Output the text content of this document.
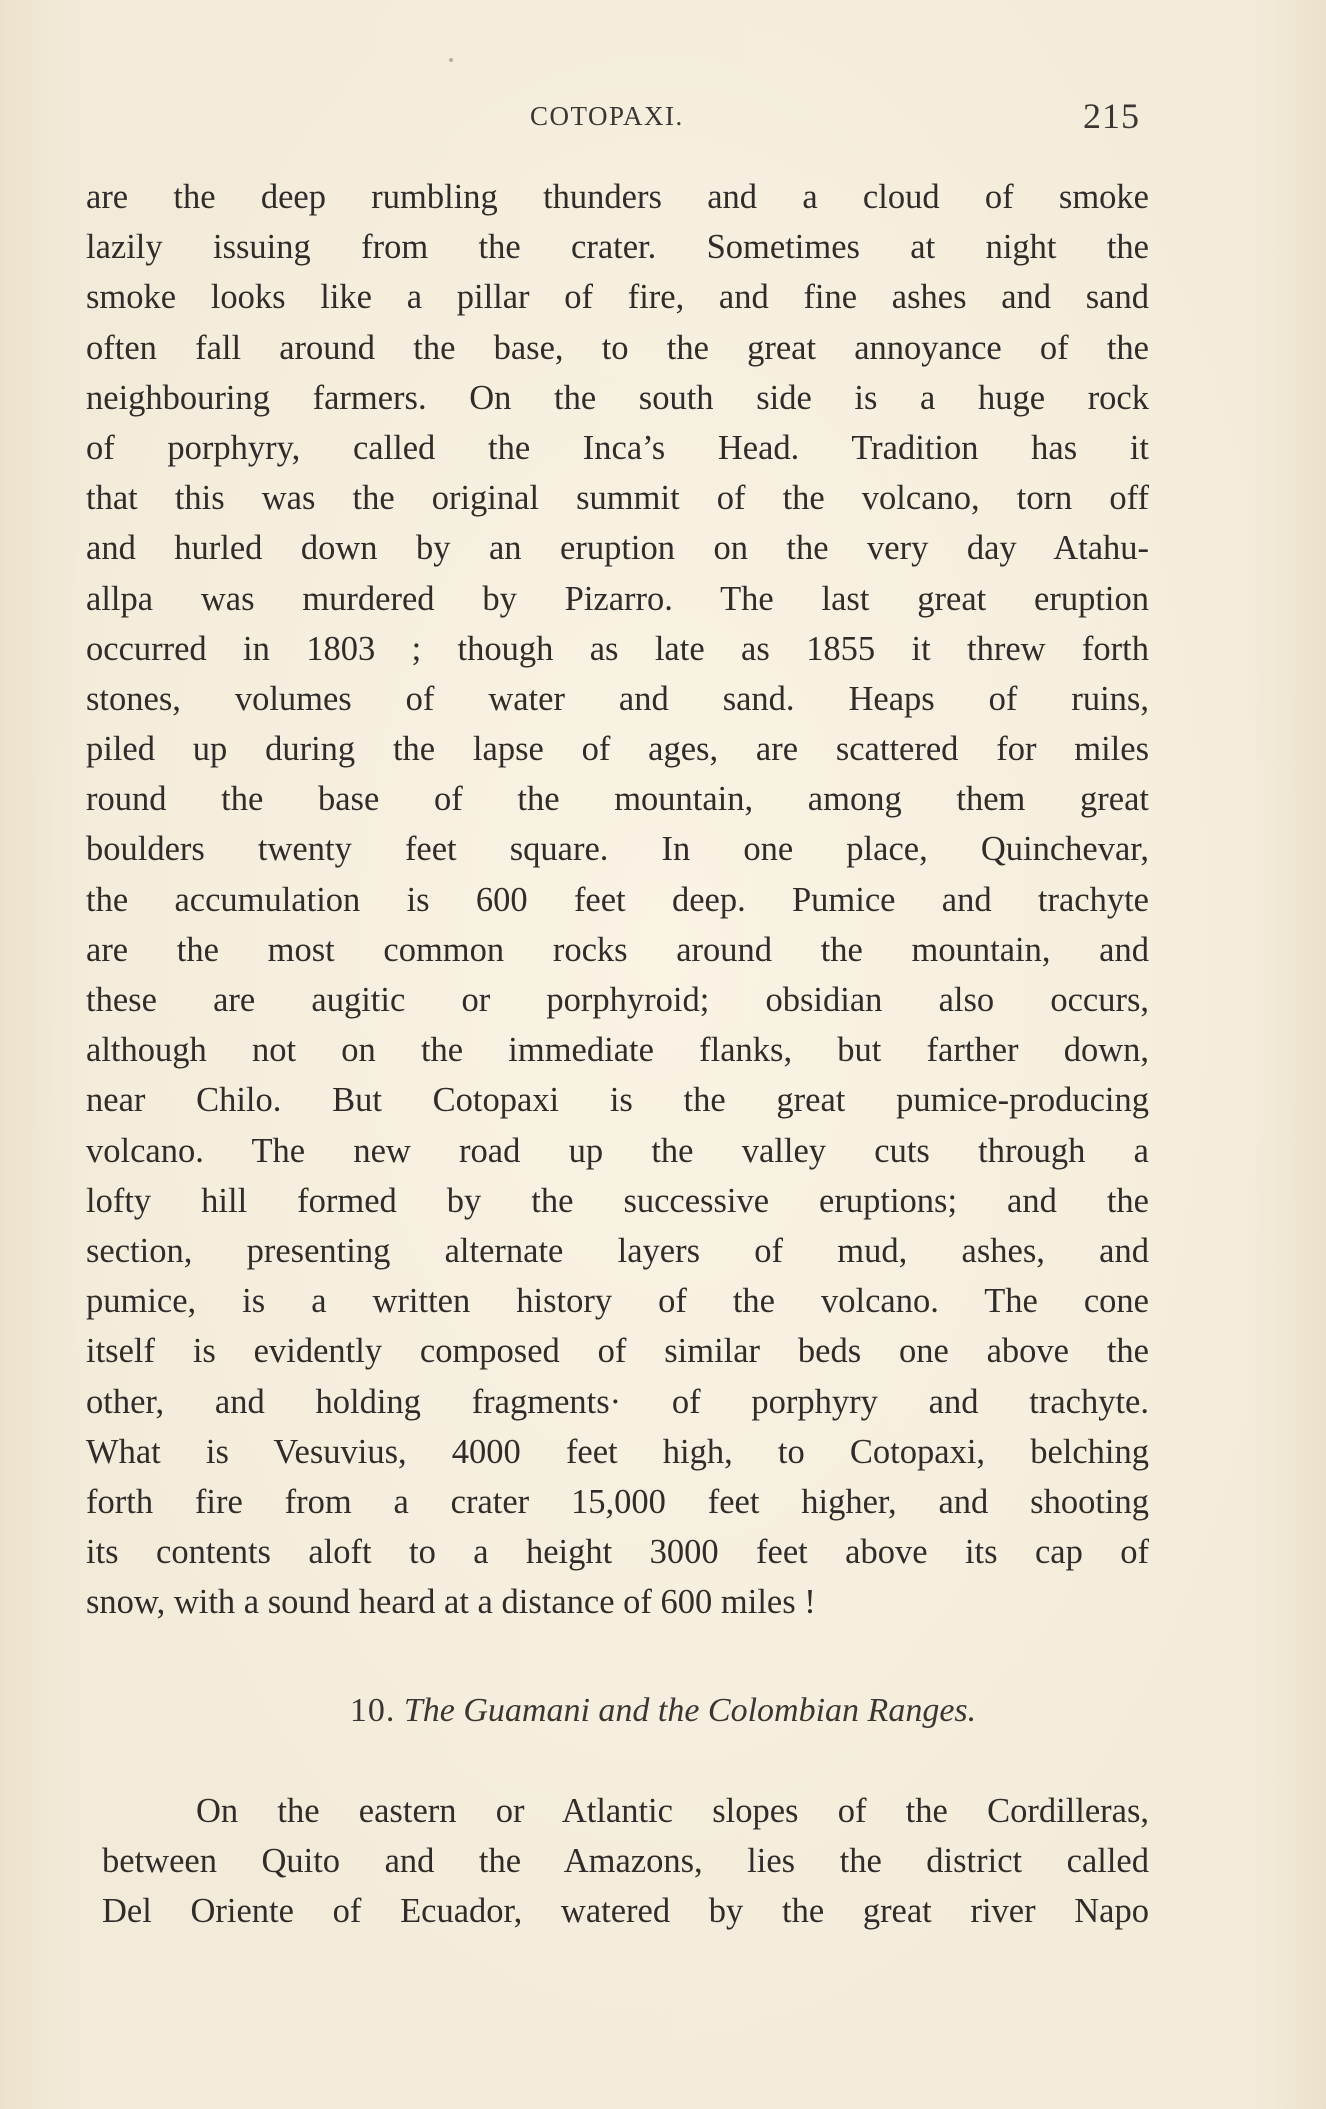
COTOPAXI.	215
are the deep rumbling thunders and a cloud of smoke
lazily issuing from the crater. Sometimes at night the
smoke looks like a pillar of fire, and fine ashes and sand
often fall around the base, to the great annoyance of the
neighbouring farmers. On the south side is a huge rock
of porphyry, called the Inca’s Head. Tradition has it
that this was the original summit of the volcano, torn off
and hurled down by an eruption on the very day Atahu-
allpa was murdered by Pizarro. The last great eruption
occurred in 1803 ; though as late as 1855 it threw forth
stones, volumes of water and sand. Heaps of ruins,
piled up during the lapse of ages, are scattered for miles
round the base of the mountain, among them great
boulders twenty feet square. In one place, Quinchevar,
the accumulation is 600 feet deep. Pumice and trachyte
are the most common rocks around the mountain, and
these are augitic or porphyroid; obsidian also occurs,
although not on the immediate flanks, but farther down,
near Chilo. But Cotopaxi is the great pumice-producing
volcano. The new road up the valley cuts through a
lofty hill formed by the successive eruptions; and the
section, presenting alternate layers of mud, ashes, and
pumice, is a written history of the volcano. The cone
itself is evidently composed of similar beds one above the
other, and holding fragments· of porphyry and trachyte.
What is Vesuvius, 4000 feet high, to Cotopaxi, belching
forth fire from a crater 15,000 feet higher, and shooting
its contents aloft to a height 3000 feet above its cap of
snow, with a sound heard at a distance of 600 miles !
10. The Guamani and the Colombian Ranges.
On the eastern or Atlantic slopes of the Cordilleras,
between Quito and the Amazons, lies the district called
Del Oriente of Ecuador, watered by the great river Napo
